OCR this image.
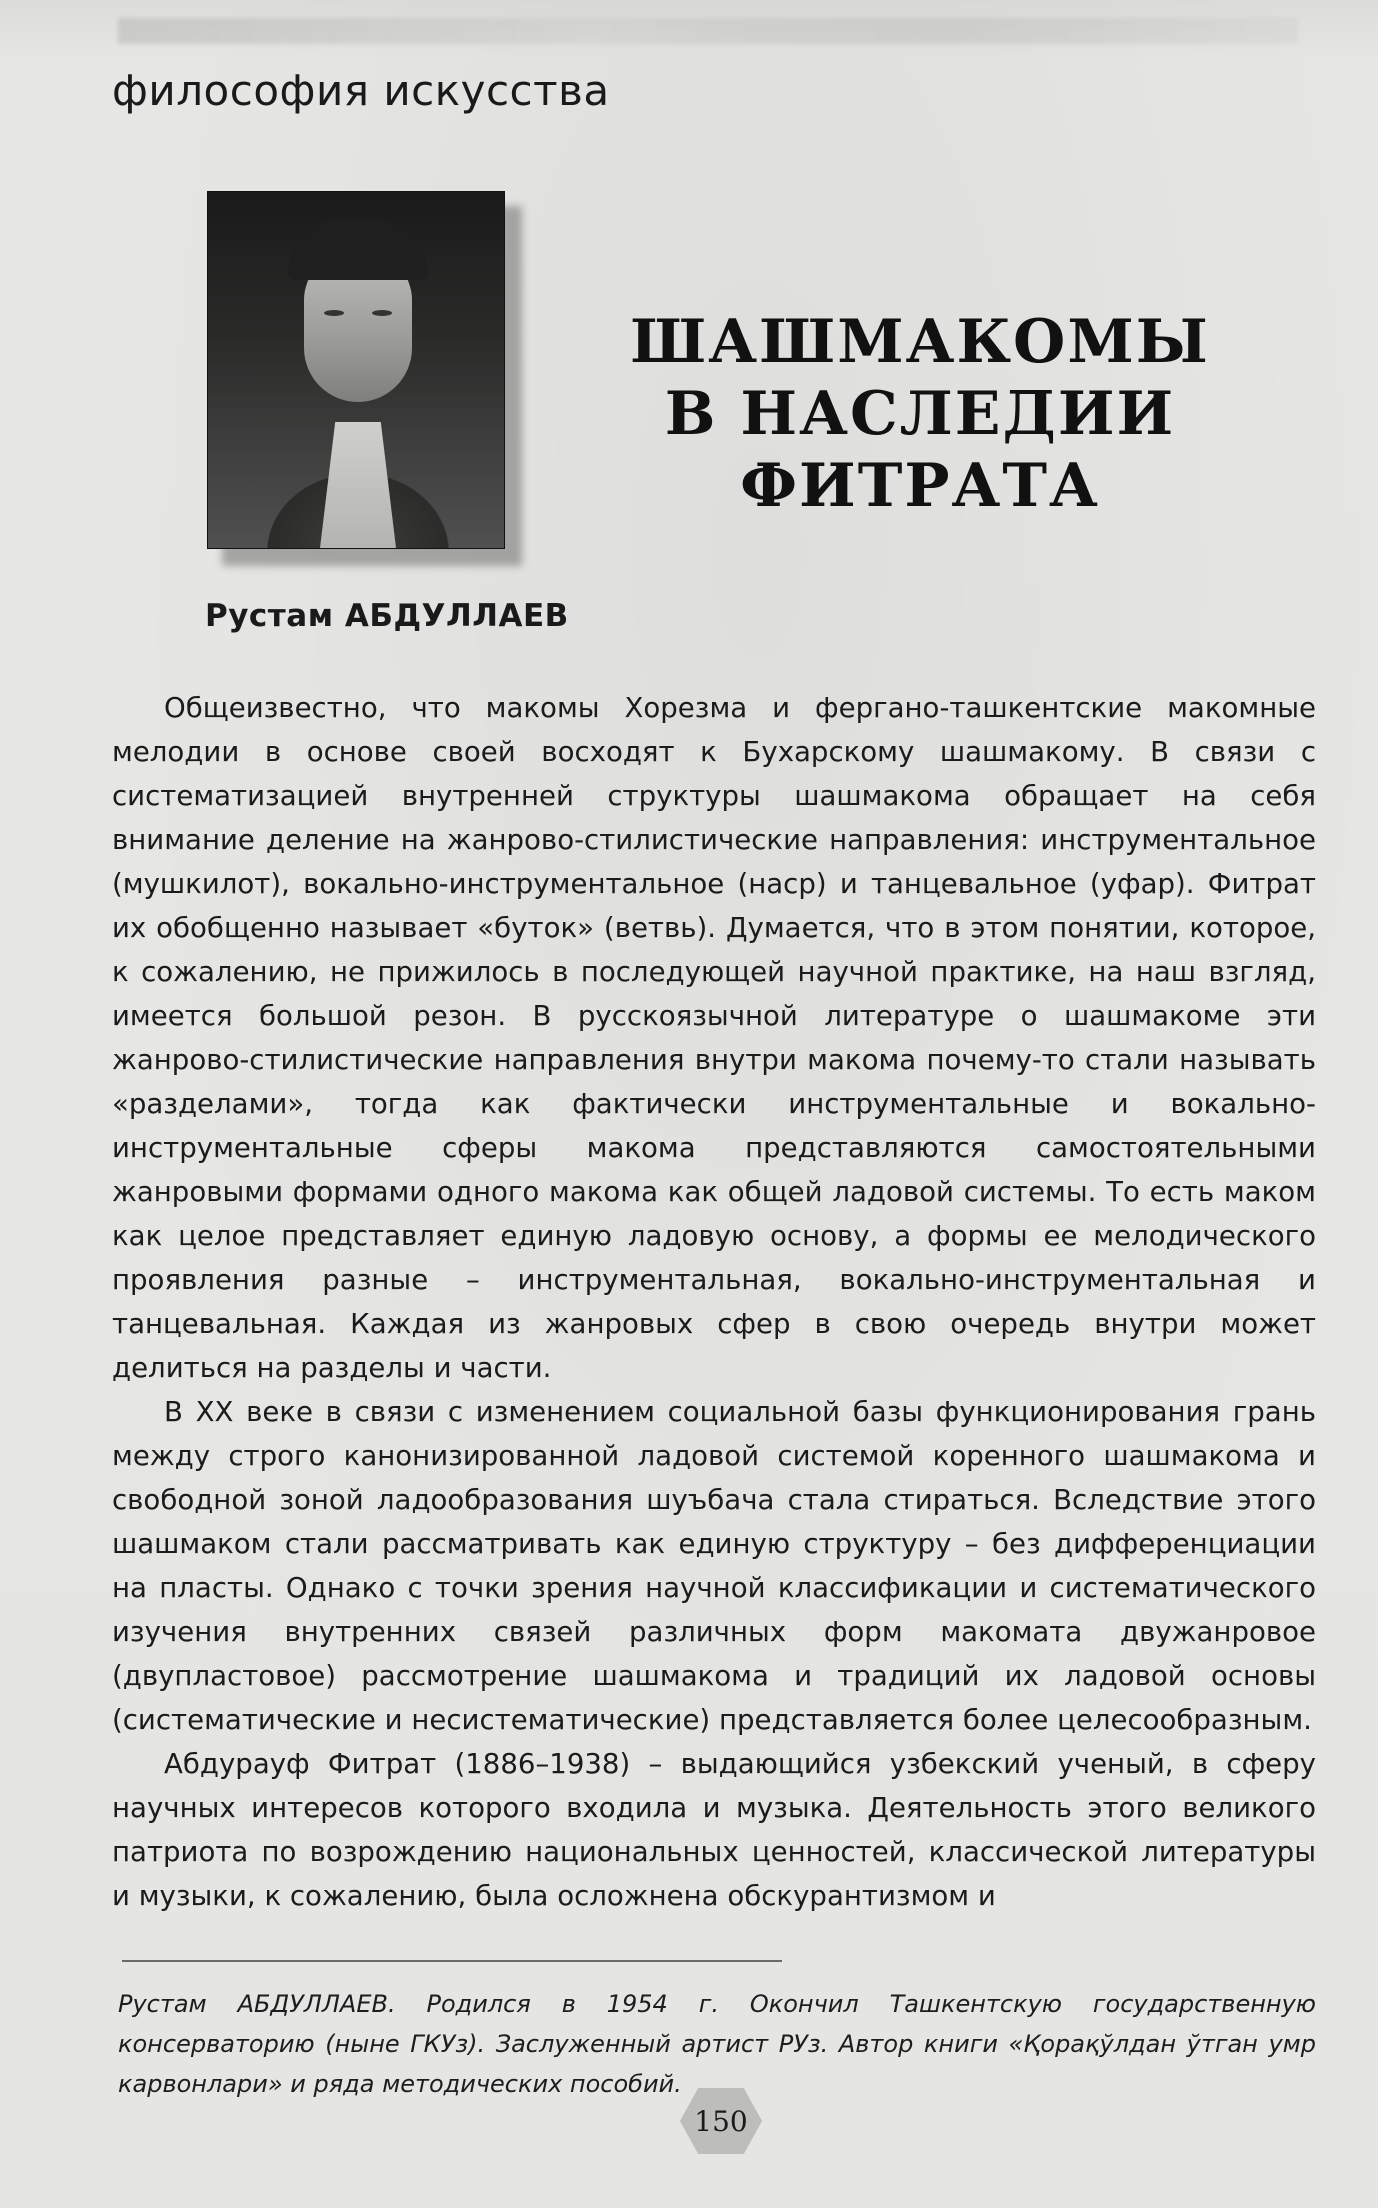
философия искусства
ШАШМАКОМЫ
В НАСЛЕДИИ
ФИТРАТА

Рустам АБДУЛЛАЕВ

Общеизвестно, что макомы Хорезма и фергано-ташкентские макомные мелодии в основе своей восходят к Бухарскому шашмакому. В связи с систематизацией внутренней структуры шашмакома обращает на себя внимание деление на жанрово-стилистические направления: инструментальное (мушкилот), вокально-инструментальное (наср) и танцевальное (уфар). Фитрат их обобщенно называет «буток» (ветвь). Думается, что в этом понятии, которое, к сожалению, не прижилось в последующей научной практике, на наш взгляд, имеется большой резон. В русскоязычной литературе о шашмакоме эти жанрово-стилистические направления внутри макома почему-то стали называть «разделами», тогда как фактически инструментальные и вокально-инструментальные сферы макома представляются самостоятельными жанровыми формами одного макома как общей ладовой системы. То есть маком как целое представляет единую ладовую основу, а формы ее мелодического проявления разные – инструментальная, вокально-инструментальная и танцевальная. Каждая из жанровых сфер в свою очередь внутри может делиться на разделы и части.

В XX веке в связи с изменением социальной базы функционирования грань между строго канонизированной ладовой системой коренного шашмакома и свободной зоной ладообразования шуъбача стала стираться. Вследствие этого шашмаком стали рассматривать как единую структуру – без дифференциации на пласты. Однако с точки зрения научной классификации и систематического изучения внутренних связей различных форм макомата двужанровое (двупластовое) рассмотрение шашмакома и традиций их ладовой основы (систематические и несистематические) представляется более целесообразным.

Абдурауф Фитрат (1886–1938) – выдающийся узбекский ученый, в сферу научных интересов которого входила и музыка. Деятельность этого великого патриота по возрождению национальных ценностей, классической литературы и музыки, к сожалению, была осложнена обскурантизмом и

Рустам АБДУЛЛАЕВ. Родился в 1954 г. Окончил Ташкентскую государственную консерваторию (ныне ГКУз). Заслуженный артист РУз. Автор книги «Қорақўлдан ўтган умр карвонлари» и ряда методических пособий.

150
